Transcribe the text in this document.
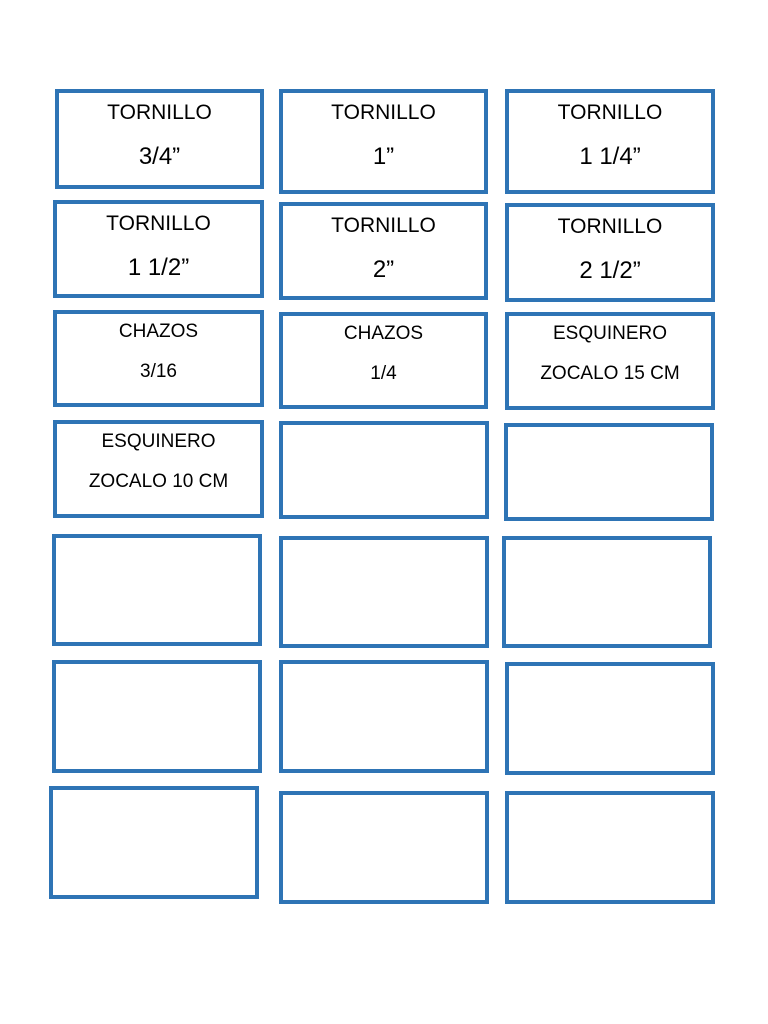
TORNILLO
3/4”
TORNILLO
1”
TORNILLO
1 1/4”
TORNILLO
1 1/2”
TORNILLO
2”
TORNILLO
2 1/2”
CHAZOS
3/16
CHAZOS
1/4
ESQUINERO
ZOCALO 15 CM
ESQUINERO
ZOCALO 10 CM
